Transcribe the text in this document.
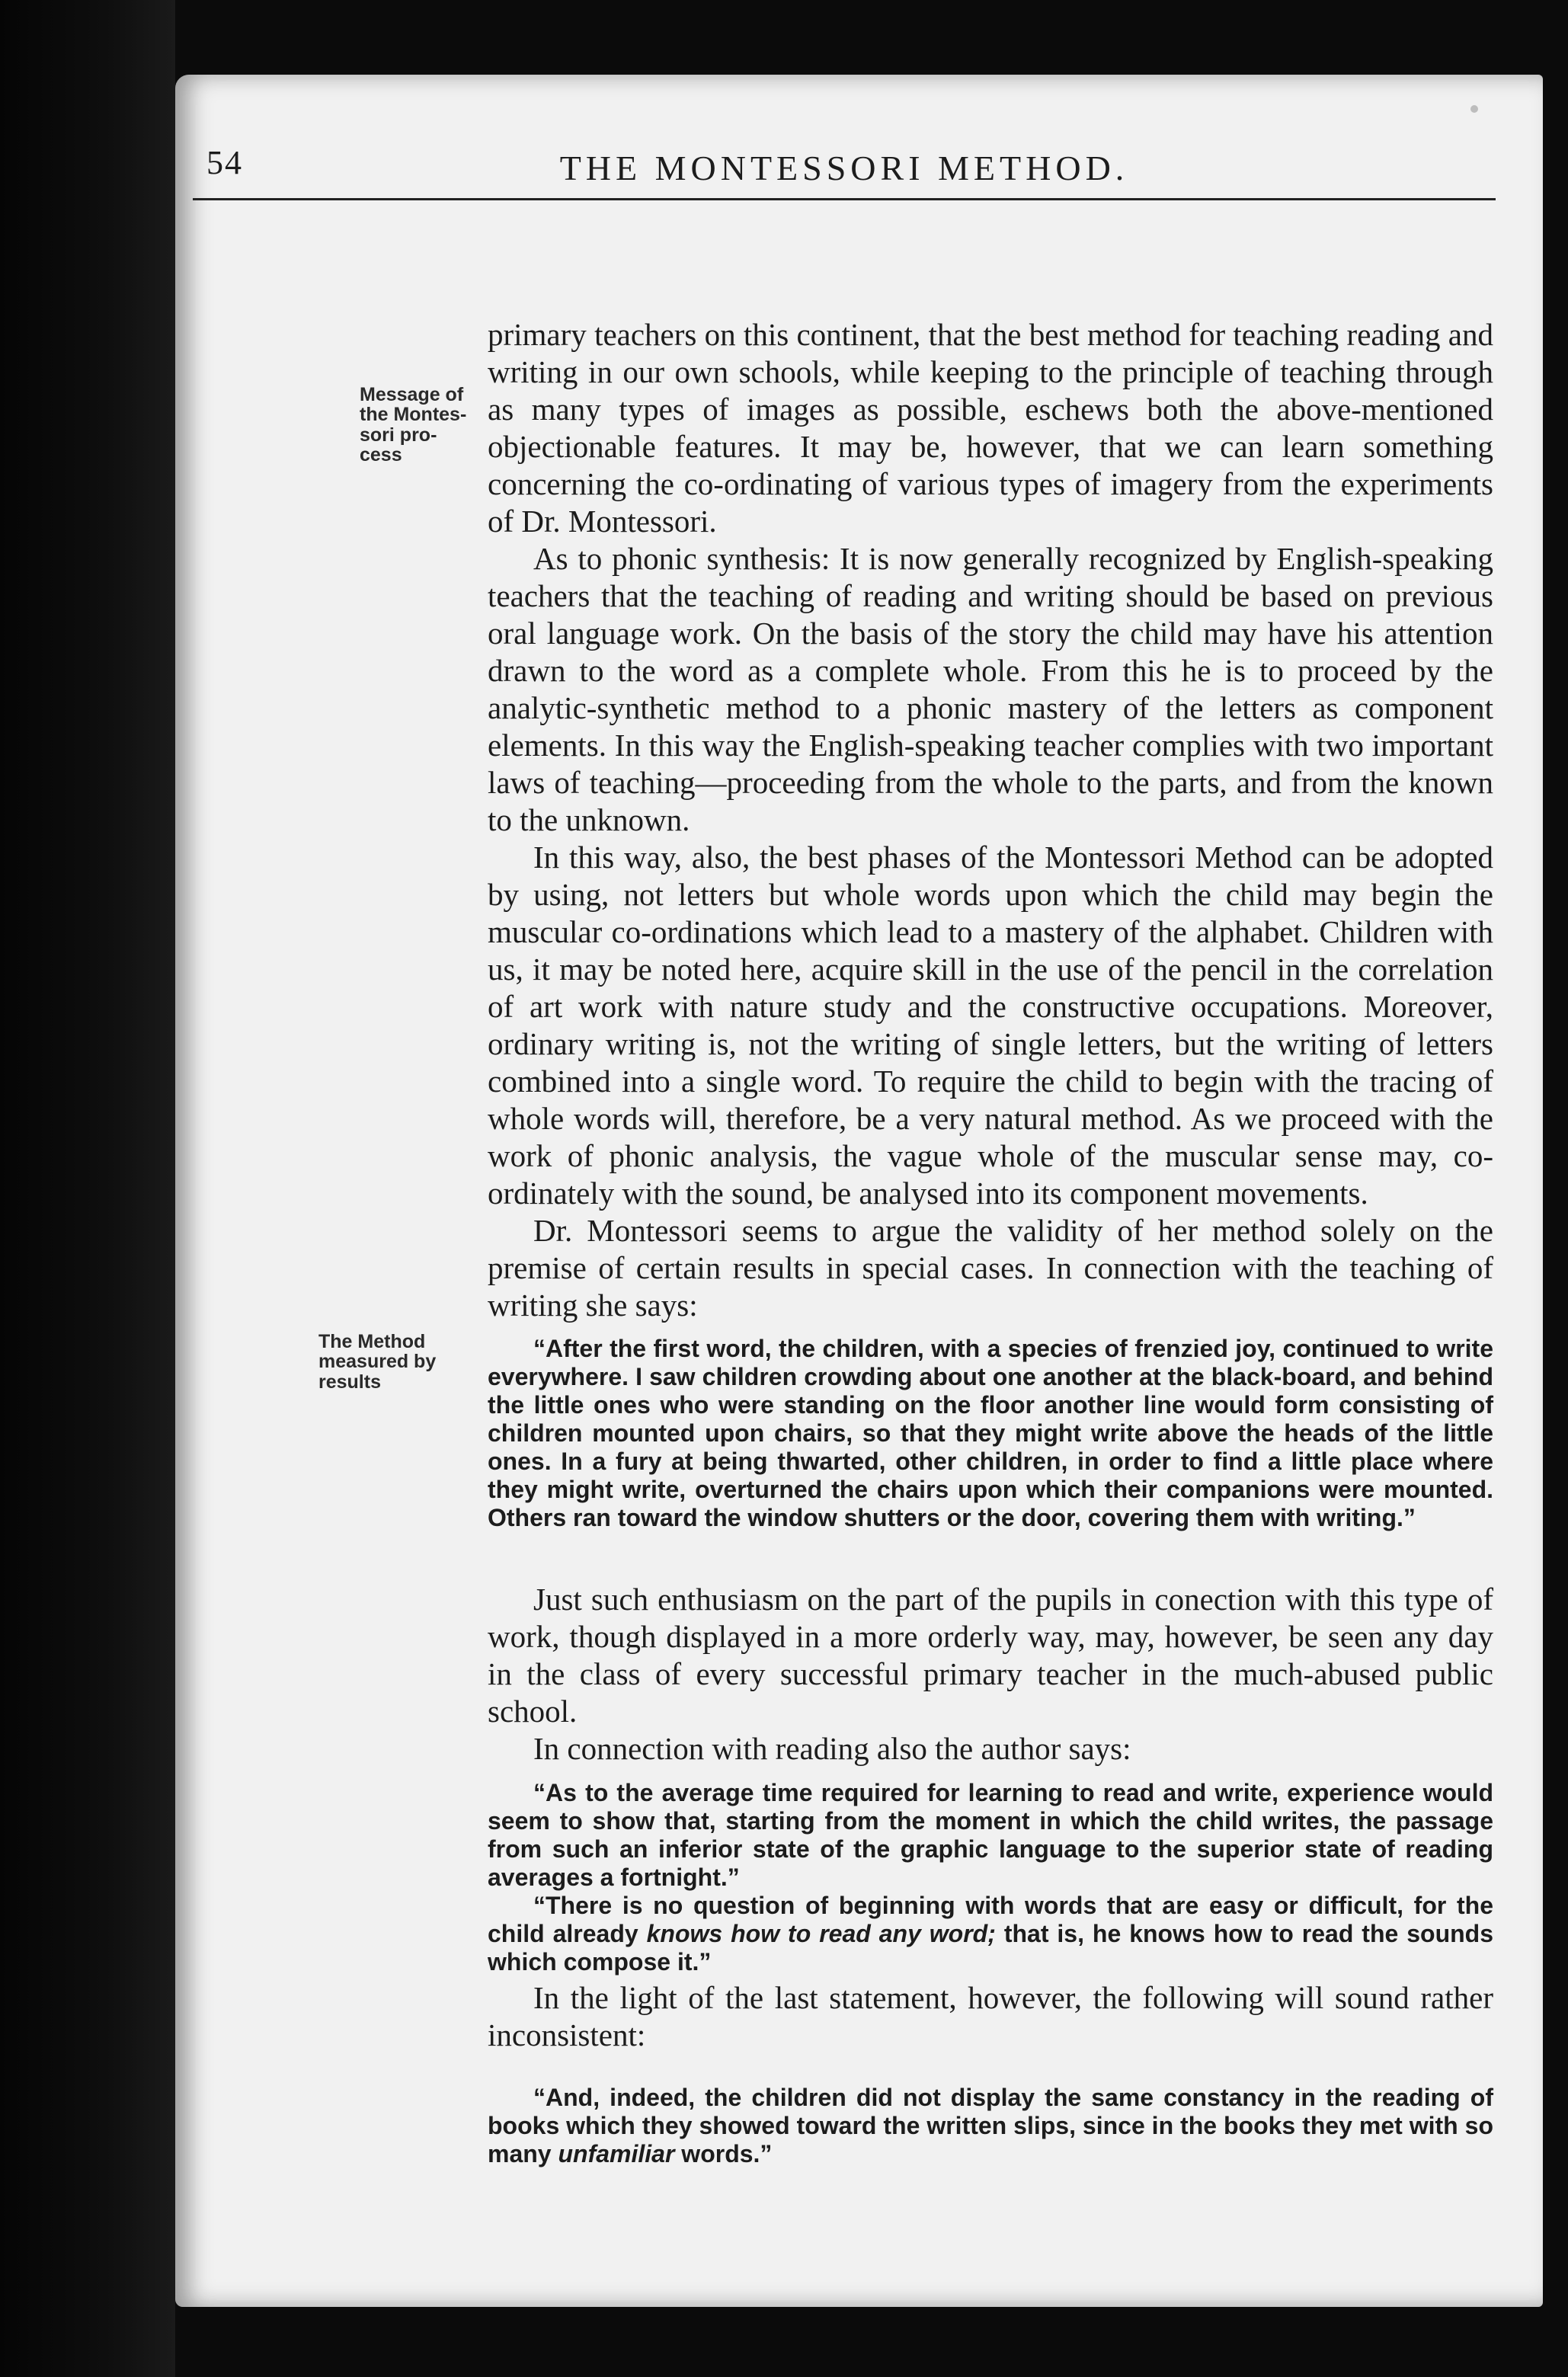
54	THE MONTESSORI METHOD.
Message of
the Montes-
sori pro-
cess
The Method
measured by
results

primary teachers on this continent, that the best method for teaching reading and writing in our own schools, while keeping to the principle of teaching through as many types of images as possible, eschews both the above-mentioned objectionable features. It may be, however, that we can learn something concerning the co-ordinating of various types of imagery from the experiments of Dr. Montessori.

As to phonic synthesis: It is now generally recognized by English-speaking teachers that the teaching of reading and writing should be based on previous oral language work. On the basis of the story the child may have his attention drawn to the word as a complete whole. From this he is to proceed by the analytic-synthetic method to a phonic mastery of the letters as component elements. In this way the English-speaking teacher complies with two important laws of teaching—proceeding from the whole to the parts, and from the known to the unknown.

In this way, also, the best phases of the Montessori Method can be adopted by using, not letters but whole words upon which the child may begin the muscular co-ordinations which lead to a mastery of the alphabet. Children with us, it may be noted here, acquire skill in the use of the pencil in the correlation of art work with nature study and the constructive occupations. Moreover, ordinary writing is, not the writing of single letters, but the writing of letters combined into a single word. To require the child to begin with the tracing of whole words will, therefore, be a very natural method. As we proceed with the work of phonic analysis, the vague whole of the muscular sense may, co-ordinately with the sound, be analysed into its component movements.

Dr. Montessori seems to argue the validity of her method solely on the premise of certain results in special cases. In connection with the teaching of writing she says:

“After the first word, the children, with a species of frenzied joy, continued to write everywhere. I saw children crowding about one another at the black-board, and behind the little ones who were standing on the floor another line would form consisting of children mounted upon chairs, so that they might write above the heads of the little ones. In a fury at being thwarted, other children, in order to find a little place where they might write, overturned the chairs upon which their companions were mounted. Others ran toward the window shutters or the door, covering them with writing.”

Just such enthusiasm on the part of the pupils in conection with this type of work, though displayed in a more orderly way, may, however, be seen any day in the class of every successful primary teacher in the much-abused public school.

In connection with reading also the author says:

“As to the average time required for learning to read and write, experience would seem to show that, starting from the moment in which the child writes, the passage from such an inferior state of the graphic language to the superior state of reading averages a fortnight.”

“There is no question of beginning with words that are easy or difficult, for the child already knows how to read any word; that is, he knows how to read the sounds which compose it.”

In the light of the last statement, however, the following will sound rather inconsistent:

“And, indeed, the children did not display the same constancy in the reading of books which they showed toward the written slips, since in the books they met with so many unfamiliar words.”
